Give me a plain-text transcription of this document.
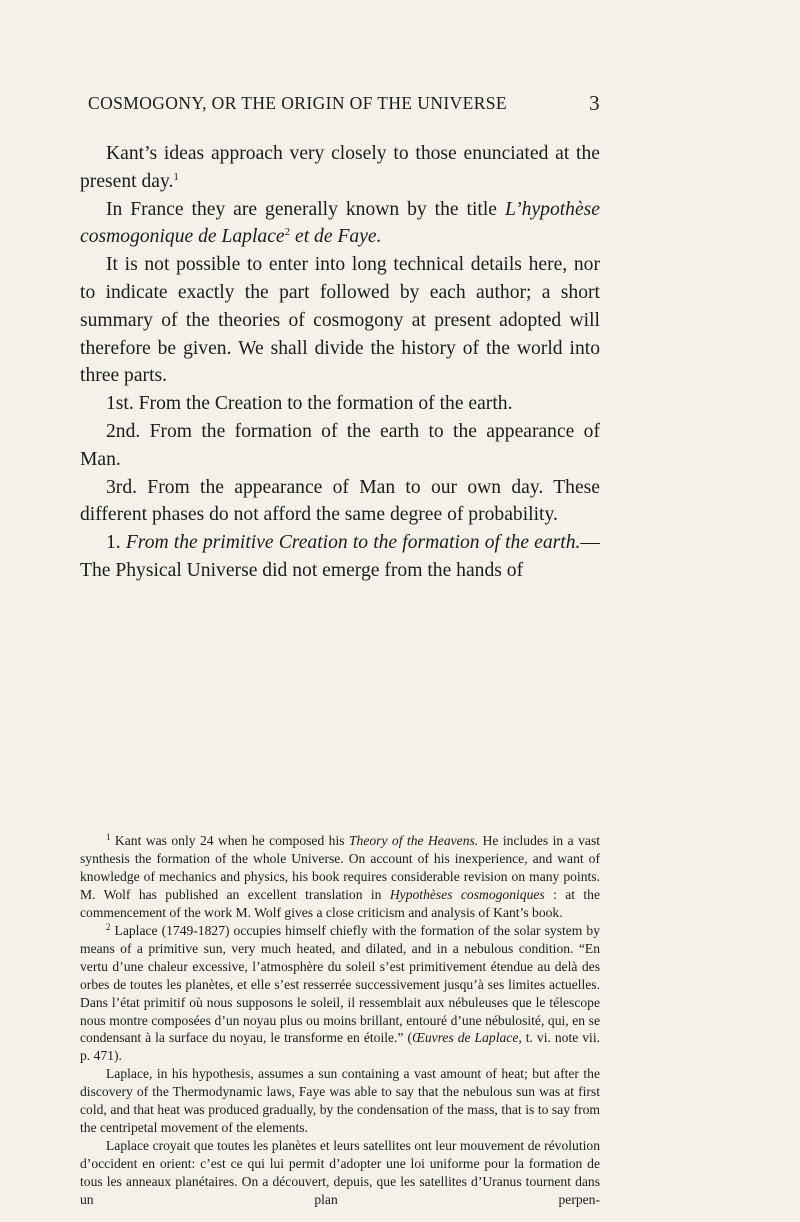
COSMOGONY, OR THE ORIGIN OF THE UNIVERSE	3

Kant’s ideas approach very closely to those enunciated at the present day.$^1$

In France they are generally known by the title L’hypothèse cosmogonique de Laplace$^2$ et de Faye.

It is not possible to enter into long technical details here, nor to indicate exactly the part followed by each author; a short summary of the theories of cosmogony at present adopted will therefore be given. We shall divide the history of the world into three parts.

1st. From the Creation to the formation of the earth.

2nd. From the formation of the earth to the appearance of Man.

3rd. From the appearance of Man to our own day. These different phases do not afford the same degree of probability.

1. From the primitive Creation to the formation of the earth.—The Physical Universe did not emerge from the hands of

$^1$ Kant was only 24 when he composed his Theory of the Heavens. He includes in a vast synthesis the formation of the whole Universe. On account of his inexperience, and want of knowledge of mechanics and physics, his book requires considerable revision on many points. M. Wolf has published an excellent translation in Hypothèses cosmogoniques : at the commencement of the work M. Wolf gives a close criticism and analysis of Kant’s book.

$^2$ Laplace (1749-1827) occupies himself chiefly with the formation of the solar system by means of a primitive sun, very much heated, and dilated, and in a nebulous condition. “En vertu d’une chaleur excessive, l’atmosphère du soleil s’est primitivement étendue au delà des orbes de toutes les planètes, et elle s’est resserrée successivement jusqu’à ses limites actuelles. Dans l’état primitif où nous supposons le soleil, il ressemblait aux nébuleuses que le télescope nous montre composées d’un noyau plus ou moins brillant, entouré d’une nébulosité, qui, en se condensant à la surface du noyau, le transforme en étoile.” (Œuvres de Laplace, t. vi. note vii. p. 471).

Laplace, in his hypothesis, assumes a sun containing a vast amount of heat; but after the discovery of the Thermodynamic laws, Faye was able to say that the nebulous sun was at first cold, and that heat was produced gradually, by the condensation of the mass, that is to say from the centripetal movement of the elements.

Laplace croyait que toutes les planètes et leurs satellites ont leur mouvement de révolution d’occident en orient: c’est ce qui lui permit d’adopter une loi uniforme pour la formation de tous les anneaux planétaires. On a découvert, depuis, que les satellites d’Uranus tournent dans un plan perpen-
